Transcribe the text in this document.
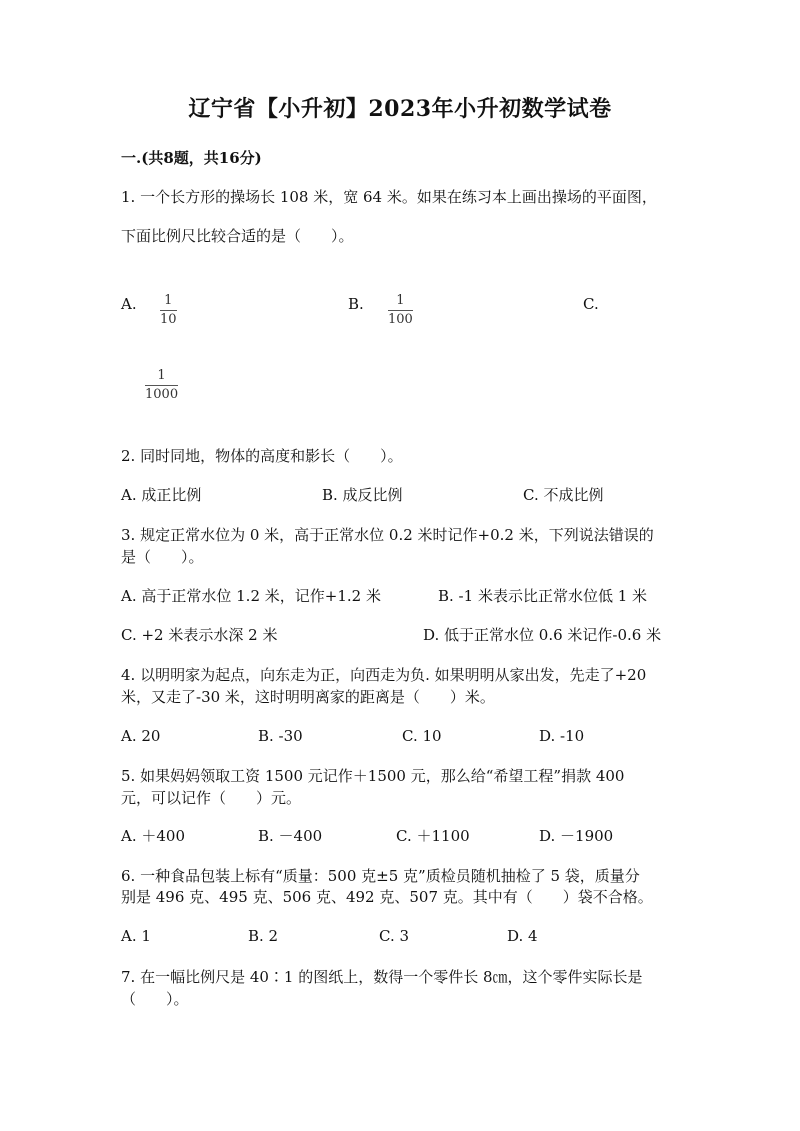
辽宁省【小升初】2023年小升初数学试卷
一.(共8题，共16分)
1. 一个长方形的操场长 108 米，宽 64 米。如果在练习本上画出操场的平面图，
下面比例尺比较合适的是（　　）。
A. $\frac{1}{10}$	B. $\frac{1}{100}$	C.
$\frac{1}{1000}$
2. 同时同地，物体的高度和影长（　　）。
A. 成正比例	B. 成反比例	C. 不成比例
3. 规定正常水位为 0 米，高于正常水位 0.2 米时记作+0.2 米，下列说法错误的
是（　　）。
A. 高于正常水位 1.2 米，记作+1.2 米	B. -1 米表示比正常水位低 1 米
C. +2 米表示水深 2 米	D. 低于正常水位 0.6 米记作-0.6 米
4. 以明明家为起点，向东走为正，向西走为负. 如果明明从家出发，先走了+20
米，又走了-30 米，这时明明离家的距离是（　　）米。
A. 20	B. -30	C. 10	D. -10
5. 如果妈妈领取工资 1500 元记作＋1500 元，那么给“希望工程”捐款 400
元，可以记作（　　）元。
A. ＋400	B. －400	C. ＋1100	D. －1900
6. 一种食品包装上标有“质量：500 克±5 克”质检员随机抽检了 5 袋，质量分
别是 496 克、495 克、506 克、492 克、507 克。其中有（　　）袋不合格。
A. 1	B. 2	C. 3	D. 4
7. 在一幅比例尺是 40∶1 的图纸上，数得一个零件长 8㎝，这个零件实际长是
（　　）。
